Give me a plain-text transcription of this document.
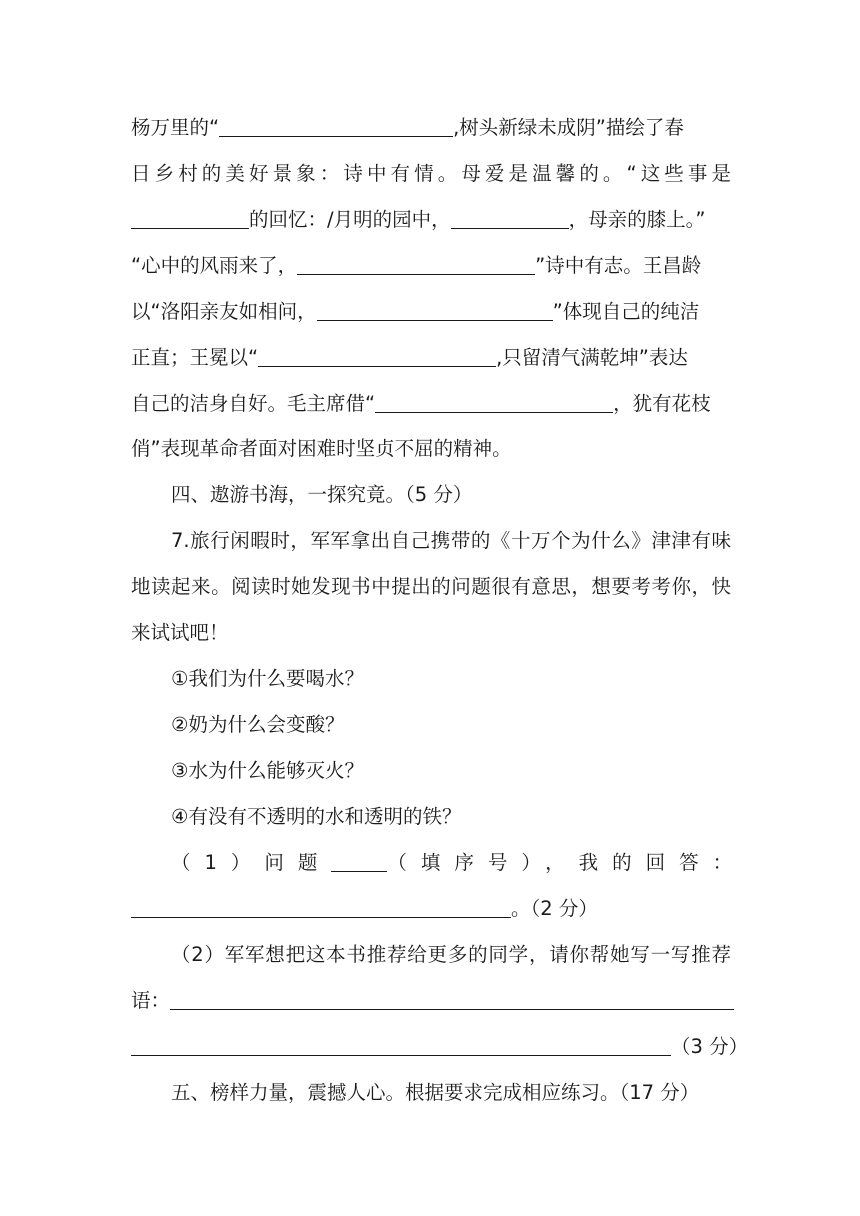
杨万里的“	,树头新绿未成阴”描绘了春
日乡村的美好景象：诗中有情。母爱是温馨的。“这些事是
的回忆：/月明的园中，	，母亲的膝上。”
“心中的风雨来了，	”诗中有志。王昌龄
以“洛阳亲友如相问，	”体现自己的纯洁
正直；王冕以“	,只留清气满乾坤”表达
自己的洁身自好。毛主席借“	，犹有花枝
俏”表现革命者面对困难时坚贞不屈的精神。
四、遨游书海，一探究竟。（5 分）
7.旅行闲暇时，军军拿出自己携带的《十万个为什么》津津有味
地读起来。阅读时她发现书中提出的问题很有意思，想要考考你，快
来试试吧！
①我们为什么要喝水？
②奶为什么会变酸？
③水为什么能够灭火？
④有没有不透明的水和透明的铁？
（1）问题	（填序号），我的回答：
。（2 分）
（2）军军想把这本书推荐给更多的同学，请你帮她写一写推荐
语：
（3 分）
五、榜样力量，震撼人心。根据要求完成相应练习。（17 分）
